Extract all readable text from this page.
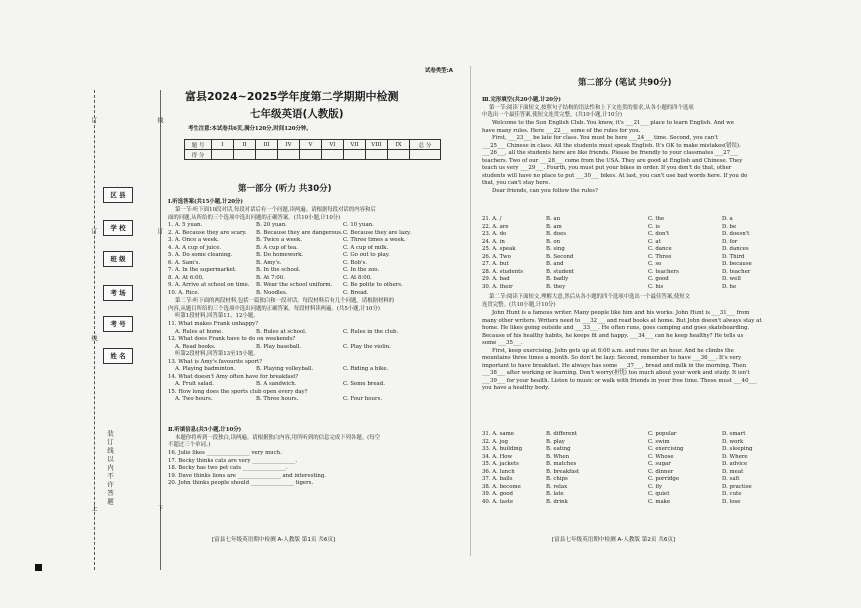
订
订
线
线
订
下
上
区 县
学 校
班 级
考 场
考 号
姓 名
装订线以内不许答题
试卷类型:A
富县2024~2025学年度第二学期期中检测
七年级英语(人教版)
考生注意:本试卷共6页,满分120分,时间120分钟。
题 号	I	II	III	IV	V	VI	VII	VIII	IX	总 分
得 分										
第一部分 (听力 共30分)
Ⅰ.听选答案(共15小题,计20分)
第一节:听下面10段对话,每段对话后有一个问题,读两遍。请根据每段对话的内容和后
面的问题,从所给的三个选项中选出问题的正确答案。(共10小题,计10分)
1. A. 5 yuan.	B. 20 yuan.	C. 10 yuan.
2. A. Because they are scary. B. Because they are dangerous. C. Because they are lazy.
3. A. Once a week.	B. Twice a week.	C. Three times a week.
4. A. A cup of juice.	B. A cup of tea.	C. A cup of milk.
5. A. Do some cleaning.	B. Do homework.	C. Go out to play.
6. A. Sam's.	B. Amy's.	C. Bob's.
7. A. In the supermarket.	B. In the school.	C. In the zoo.
8. A. At 6:00.	B. At 7:00.	C. At 8:00.
9. A. Arrive at school on time. B. Wear the school uniform. C. Be polite to others.
10. A. Rice.	B. Noodles.	C. Bread.
第二节:听下面的两段材料,包括一篇独白和一段对话。每段材料后有几个问题。请根据材料的
内容,从题目所给的三个选项中选出问题的正确答案。每段材料读两遍。(共5小题,计10分)
听第1段材料,回答第11、12小题。
11. What makes Frank unhappy?
A. Rules at home.	B. Rules at school.	C. Rules in the club.
12. What does Frank have to do on weekends?
A. Read books.	B. Play baseball.	C. Play the violin.
听第2段材料,回答第13至15小题。
13. What is Amy's favourite sport?
A. Playing badminton.	B. Playing volleyball.	C. Riding a bike.
14. What doesn't Amy often have for breakfast?
A. Fruit salad.	B. A sandwich.	C. Some bread.
15. How long does the sports club open every day?
A. Two hours.	B. Three hours.	C. Four hours.
Ⅱ.听填信息(共5小题,计10分)
本题你将听到一段独白,读两遍。请根据独白内容,用所听到的信息完成下列各题。(每空
不超过三个单词。)
16. Julie likes ________________ very much.
17. Becky thinks cats are very ________________.
18. Becky has two pet cats ________________.
19. Dave thinks lions are ________________ and interesting.
20. John thinks people should ________________ tigers.
[富县七年级英语期中检测 A-人教版 第1页 共6页]
第二部分 (笔试 共90分)
Ⅲ.完形填空(共20小题,计20分)
第一节:阅读下面短文,按照句子结构的语法性和上下文连贯的要求,从各小题的四个选项
中选出一个最佳答案,使短文连贯完整。(共10小题,计10分)
Welcome to the Sun English Club. You know, it's ___21___ place to learn English. And we
have many rules. Here ___22___ some of the rules for you.
First, ___23___ be late for class. You must be here ___24___ time. Second, you can't
___25___ Chinese in class. All the students must speak English. It's OK to make mistakes(错误).
___26___, all the students here are like friends. Please be friendly to your classmates ___27___
teachers. Two of our ___28___ come from the USA. They are good at English and Chinese. They
teach us very ___29___. Fourth, you must put your bikes in order. If you don't do that, other
students will have no place to put ___30___ bikes. At last, you can't use bad words here. If you do
that, you can't stay here.
Dear friends, can you follow the rules?
21. A. /	B. an	C. the	D. a
22. A. are	B. am	C. is	D. be
23. A. do	B. does	C. don't	D. doesn't
24. A. in	B. on	C. at	D. for
25. A. speak	B. sing	C. dance	D. dances
26. A. Two	B. Second	C. Three	D. Third
27. A. but	B. and	C. so	D. because
28. A. students	B. student	C. teachers	D. teacher
29. A. bad	B. badly	C. good	D. well
30. A. their	B. they	C. his	D. he
第二节:阅读下面短文,理解大意,然后从各小题的四个选项中选出一个最佳答案,使短文
连贯完整。(共10小题,计10分)
John Hunt is a famous writer. Many people like him and his works. John Hunt is ___31___ from
many other writers. Writers need to ___32___ and read books at home. But John doesn't always stay at
home. He likes going outside and ___33___. He often runs, goes camping and goes skateboarding.
Because of his healthy habits, he keeps fit and happy. ___34___ can he keep healthy? He tells us
some ___35___.
First, keep exercising. John gets up at 6:00 a.m. and runs for an hour. And he climbs the
mountains three times a month. So don't be lazy. Second, remember to have ___36___. It's very
important to have breakfast. He always has some ___37___, bread and milk in the morning. Then
___38___ after working or learning. Don't worry(担忧) too much about your work and study. It isn't
___39___ for your health. Listen to music or walk with friends in your free time. These must ___40___
you have a healthy body.
31. A. same	B. different	C. popular	D. smart
32. A. jog	B. play	C. swim	D. work
33. A. building	B. eating	C. exercising	D. sleeping
34. A. How	B. When	C. Whose	D. Where
35. A. jackets	B. matches	C. sugar	D. advice
36. A. lunch	B. breakfast	C. dinner	D. meat
37. A. balls	B. chips	C. porridge	D. salt
38. A. become	B. relax	C. fly	D. practise
39. A. good	B. late	C. quiet	D. cute
40. A. taste	B. drink	C. make	D. lose
[富县七年级英语期中检测 A-人教版 第2页 共6页]
